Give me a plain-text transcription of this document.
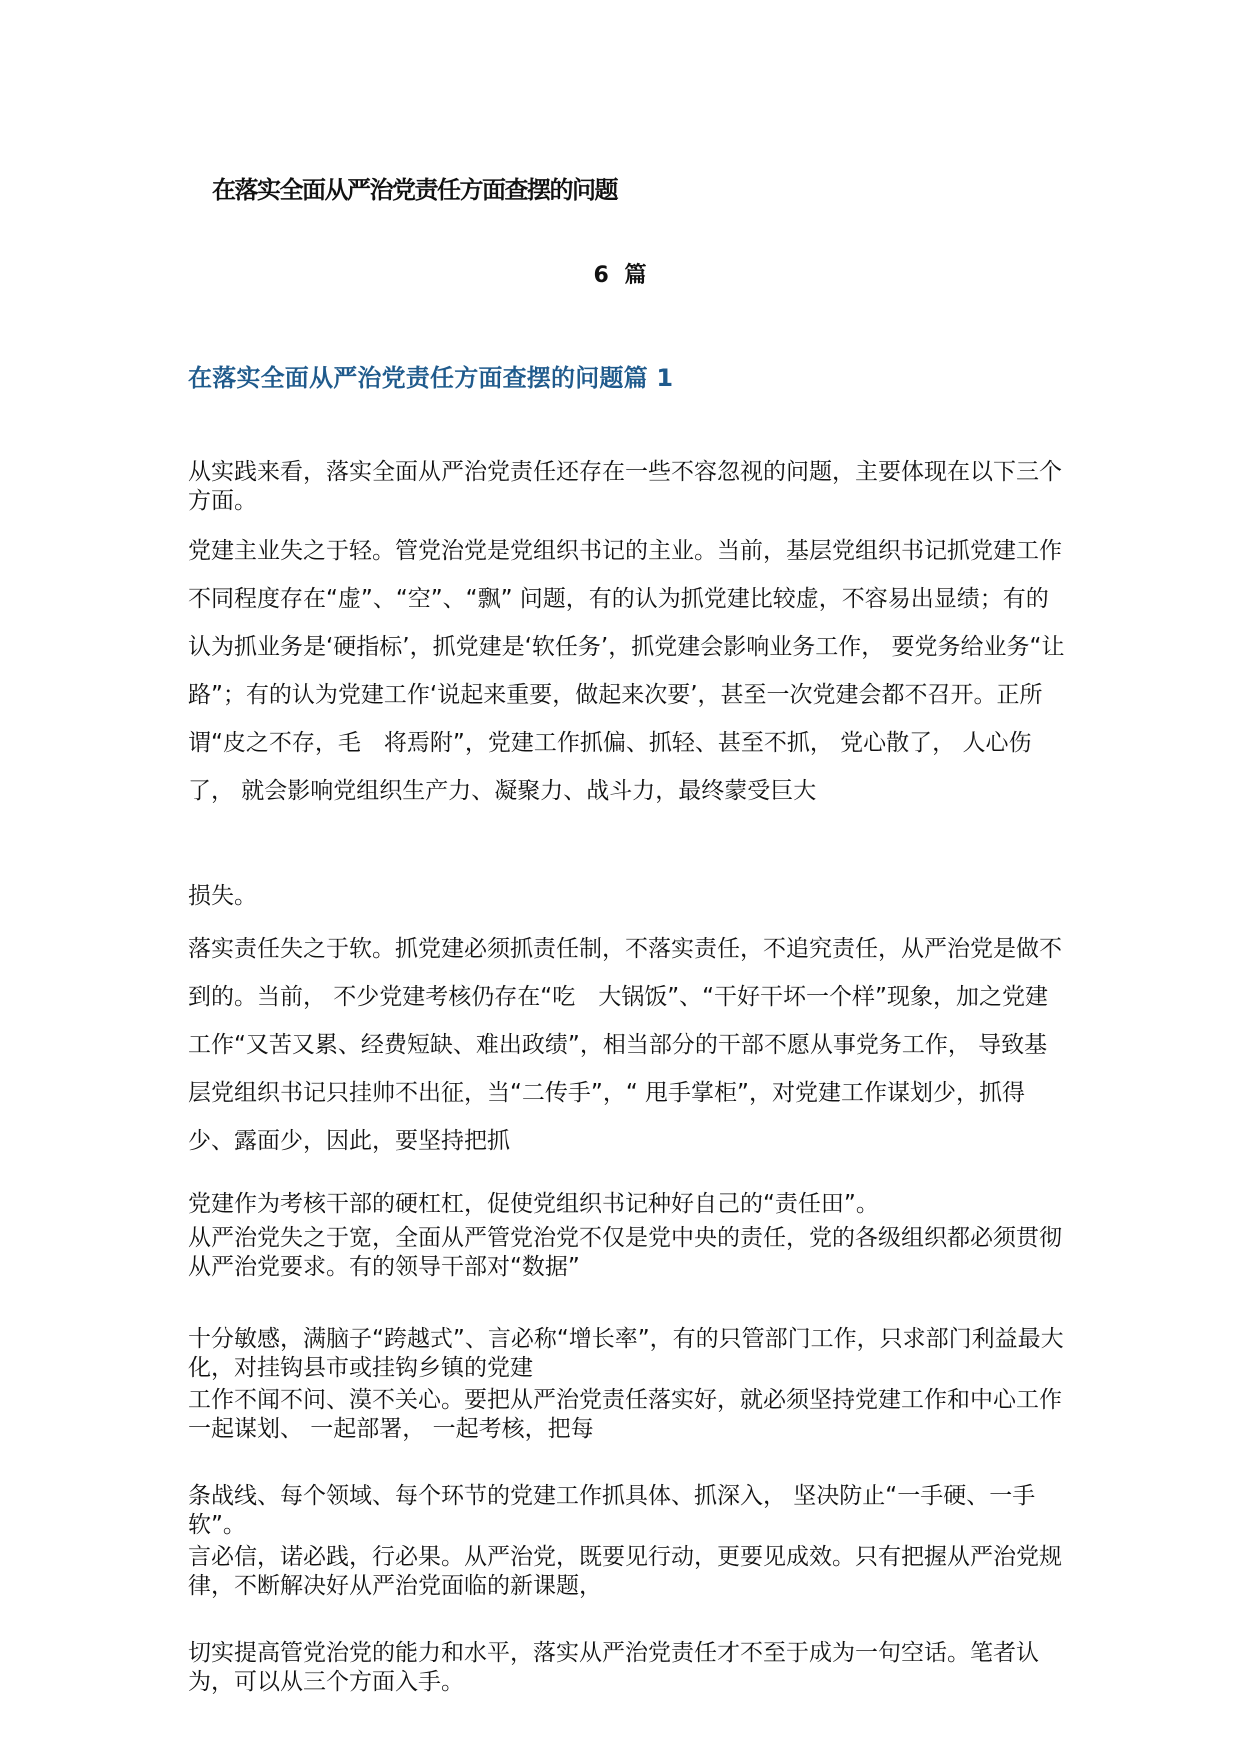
在落实全面从严治党责任方面查摆的问题
6 篇
在落实全面从严治党责任方面查摆的问题篇 1

从实践来看，落实全面从严治党责任还存在一些不容忽视的问题，主要体现在以下三个方面。

党建主业失之于轻。管党治党是党组织书记的主业。当前，基层党组织书记抓党建工作不同程度存在“虚”、“空”、“飘” 问题，有的认为抓党建比较虚，不容易出显绩；有的认为抓业务是‘硬指标’，抓党建是‘软任务’，抓党建会影响业务工作， 要党务给业务“让路”；有的认为党建工作‘说起来重要，做起来次要’，甚至一次党建会都不召开。正所谓“皮之不存，毛　将焉附”，党建工作抓偏、抓轻、甚至不抓， 党心散了， 人心伤了， 就会影响党组织生产力、凝聚力、战斗力，最终蒙受巨大

损失。

落实责任失之于软。抓党建必须抓责任制，不落实责任，不追究责任，从严治党是做不到的。当前， 不少党建考核仍存在“吃　大锅饭”、“干好干坏一个样”现象，加之党建工作“又苦又累、经费短缺、难出政绩”，相当部分的干部不愿从事党务工作， 导致基层党组织书记只挂帅不出征，当“二传手”，“ 甩手掌柜”，对党建工作谋划少，抓得少、露面少，因此，要坚持把抓

党建作为考核干部的硬杠杠，促使党组织书记种好自己的“责任田”。

从严治党失之于宽，全面从严管党治党不仅是党中央的责任，党的各级组织都必须贯彻从严治党要求。有的领导干部对“数据”

十分敏感，满脑子“跨越式”、言必称“增长率”，有的只管部门工作，只求部门利益最大化，对挂钩县市或挂钩乡镇的党建

工作不闻不问、漠不关心。要把从严治党责任落实好，就必须坚持党建工作和中心工作一起谋划、 一起部署， 一起考核，把每

条战线、每个领域、每个环节的党建工作抓具体、抓深入， 坚决防止“一手硬、一手软”。

言必信，诺必践，行必果。从严治党，既要见行动，更要见成效。只有把握从严治党规律，不断解决好从严治党面临的新课题，

切实提高管党治党的能力和水平，落实从严治党责任才不至于成为一句空话。笔者认为，可以从三个方面入手。
